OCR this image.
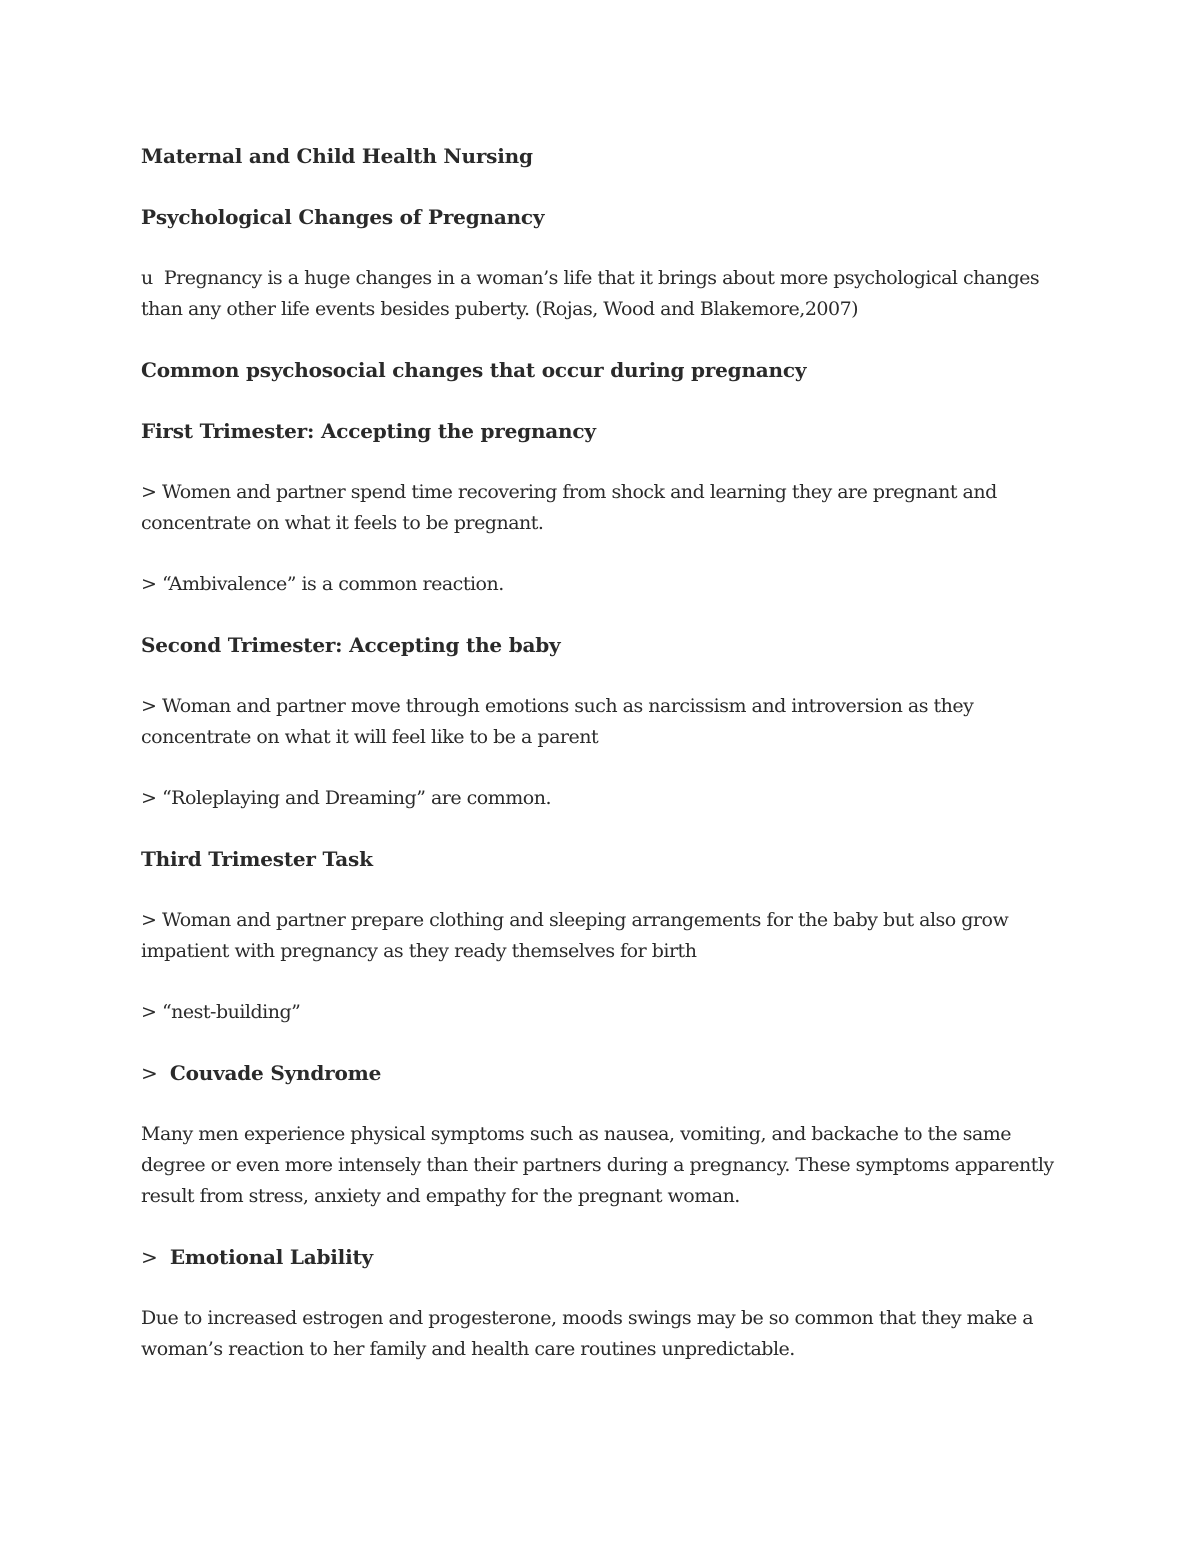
Maternal and Child Health Nursing
Psychological Changes of Pregnancy
u Pregnancy is a huge changes in a woman’s life that it brings about more psychological changes than any other life events besides puberty. (Rojas, Wood and Blakemore,2007)
Common psychosocial changes that occur during pregnancy
First Trimester: Accepting the pregnancy
> Women and partner spend time recovering from shock and learning they are pregnant and concentrate on what it feels to be pregnant.
> “Ambivalence” is a common reaction.
Second Trimester: Accepting the baby
> Woman and partner move through emotions such as narcissism and introversion as they concentrate on what it will feel like to be a parent
> “Roleplaying and Dreaming” are common.
Third Trimester Task
> Woman and partner prepare clothing and sleeping arrangements for the baby but also grow impatient with pregnancy as they ready themselves for birth
> “nest-building”
> Couvade Syndrome
Many men experience physical symptoms such as nausea, vomiting, and backache to the same degree or even more intensely than their partners during a pregnancy. These symptoms apparently result from stress, anxiety and empathy for the pregnant woman.
> Emotional Lability
Due to increased estrogen and progesterone, moods swings may be so common that they make a woman’s reaction to her family and health care routines unpredictable.
